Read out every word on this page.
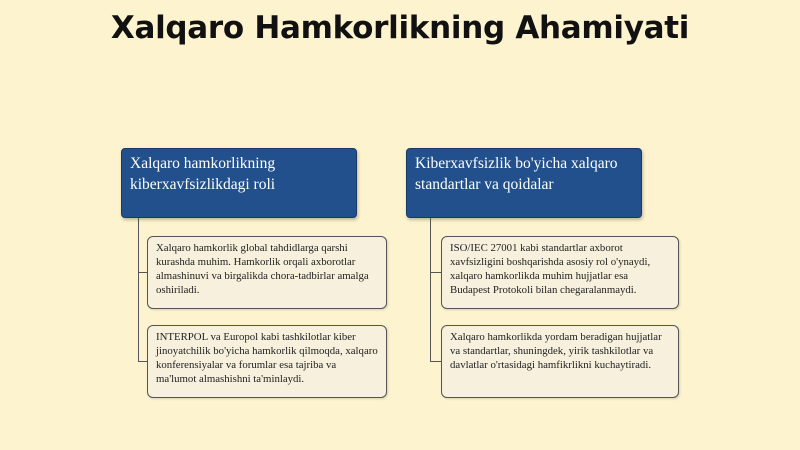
Xalqaro Hamkorlikning Ahamiyati
Xalqaro hamkorlikning kiberxavfsizlikdagi roli
Xalqaro hamkorlik global tahdidlarga qarshi kurashda muhim. Hamkorlik orqali axborotlar almashinuvi va birgalikda chora-tadbirlar amalga oshiriladi.
INTERPOL va Europol kabi tashkilotlar kiber jinoyatchilik bo'yicha hamkorlik qilmoqda, xalqaro konferensiyalar va forumlar esa tajriba va ma'lumot almashishni ta'minlaydi.
Kiberxavfsizlik bo'yicha xalqaro standartlar va qoidalar
ISO/IEC 27001 kabi standartlar axborot xavfsizligini boshqarishda asosiy rol o'ynaydi, xalqaro hamkorlikda muhim hujjatlar esa Budapest Protokoli bilan chegaralanmaydi.
Xalqaro hamkorlikda yordam beradigan hujjatlar va standartlar, shuningdek, yirik tashkilotlar va davlatlar o'rtasidagi hamfikrlikni kuchaytiradi.
